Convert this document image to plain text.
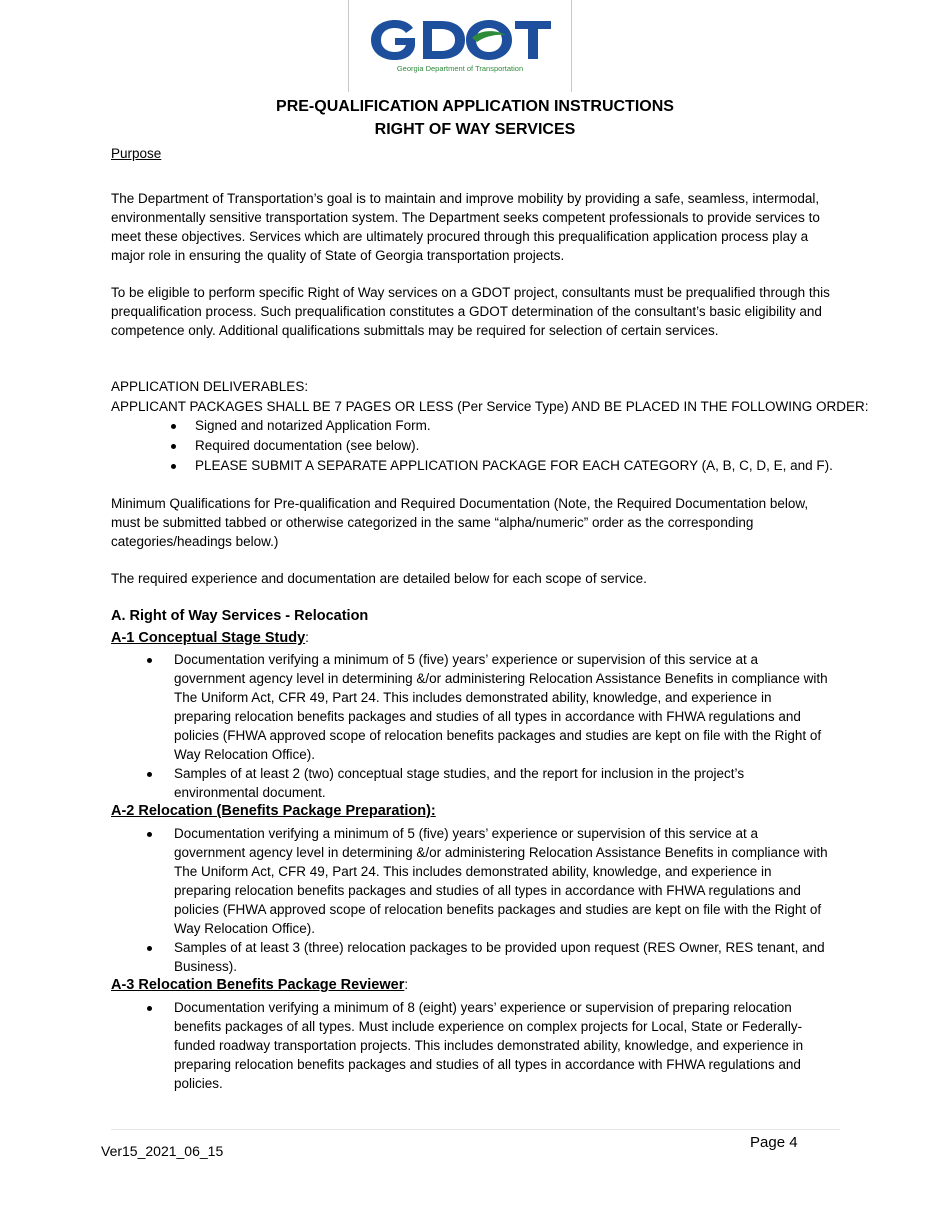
Georgia Department of Transportation
PRE-QUALIFICATION APPLICATION INSTRUCTIONS
RIGHT OF WAY SERVICES
Purpose
The Department of Transportation’s goal is to maintain and improve mobility by providing a safe, seamless, intermodal, environmentally sensitive transportation system. The Department seeks competent professionals to provide services to meet these objectives. Services which are ultimately procured through this prequalification application process play a major role in ensuring the quality of State of Georgia transportation projects.
To be eligible to perform specific Right of Way services on a GDOT project, consultants must be prequalified through this prequalification process. Such prequalification constitutes a GDOT determination of the consultant’s basic eligibility and competence only. Additional qualifications submittals may be required for selection of certain services.
APPLICATION DELIVERABLES:
APPLICANT PACKAGES SHALL BE 7 PAGES OR LESS (Per Service Type) AND BE PLACED IN THE FOLLOWING ORDER:
Signed and notarized Application Form.
Required documentation (see below).
PLEASE SUBMIT A SEPARATE APPLICATION PACKAGE FOR EACH CATEGORY (A, B, C, D, E, and F).
Minimum Qualifications for Pre-qualification and Required Documentation (Note, the Required Documentation below, must be submitted tabbed or otherwise categorized in the same “alpha/numeric” order as the corresponding categories/headings below.)
The required experience and documentation are detailed below for each scope of service.
A. Right of Way Services - Relocation
A-1 Conceptual Stage Study:
Documentation verifying a minimum of 5 (five) years’ experience or supervision of this service at a government agency level in determining &/or administering Relocation Assistance Benefits in compliance with The Uniform Act, CFR 49, Part 24. This includes demonstrated ability, knowledge, and experience in preparing relocation benefits packages and studies of all types in accordance with FHWA regulations and policies (FHWA approved scope of relocation benefits packages and studies are kept on file with the Right of Way Relocation Office).
Samples of at least 2 (two) conceptual stage studies, and the report for inclusion in the project’s environmental document.
A-2 Relocation (Benefits Package Preparation):
Documentation verifying a minimum of 5 (five) years’ experience or supervision of this service at a government agency level in determining &/or administering Relocation Assistance Benefits in compliance with The Uniform Act, CFR 49, Part 24. This includes demonstrated ability, knowledge, and experience in preparing relocation benefits packages and studies of all types in accordance with FHWA regulations and policies (FHWA approved scope of relocation benefits packages and studies are kept on file with the Right of Way Relocation Office).
Samples of at least 3 (three) relocation packages to be provided upon request (RES Owner, RES tenant, and Business).
A-3 Relocation Benefits Package Reviewer:
Documentation verifying a minimum of 8 (eight) years’ experience or supervision of preparing relocation benefits packages of all types. Must include experience on complex projects for Local, State or Federally-funded roadway transportation projects. This includes demonstrated ability, knowledge, and experience in preparing relocation benefits packages and studies of all types in accordance with FHWA regulations and policies.
Ver15_2021_06_15	Page 4
